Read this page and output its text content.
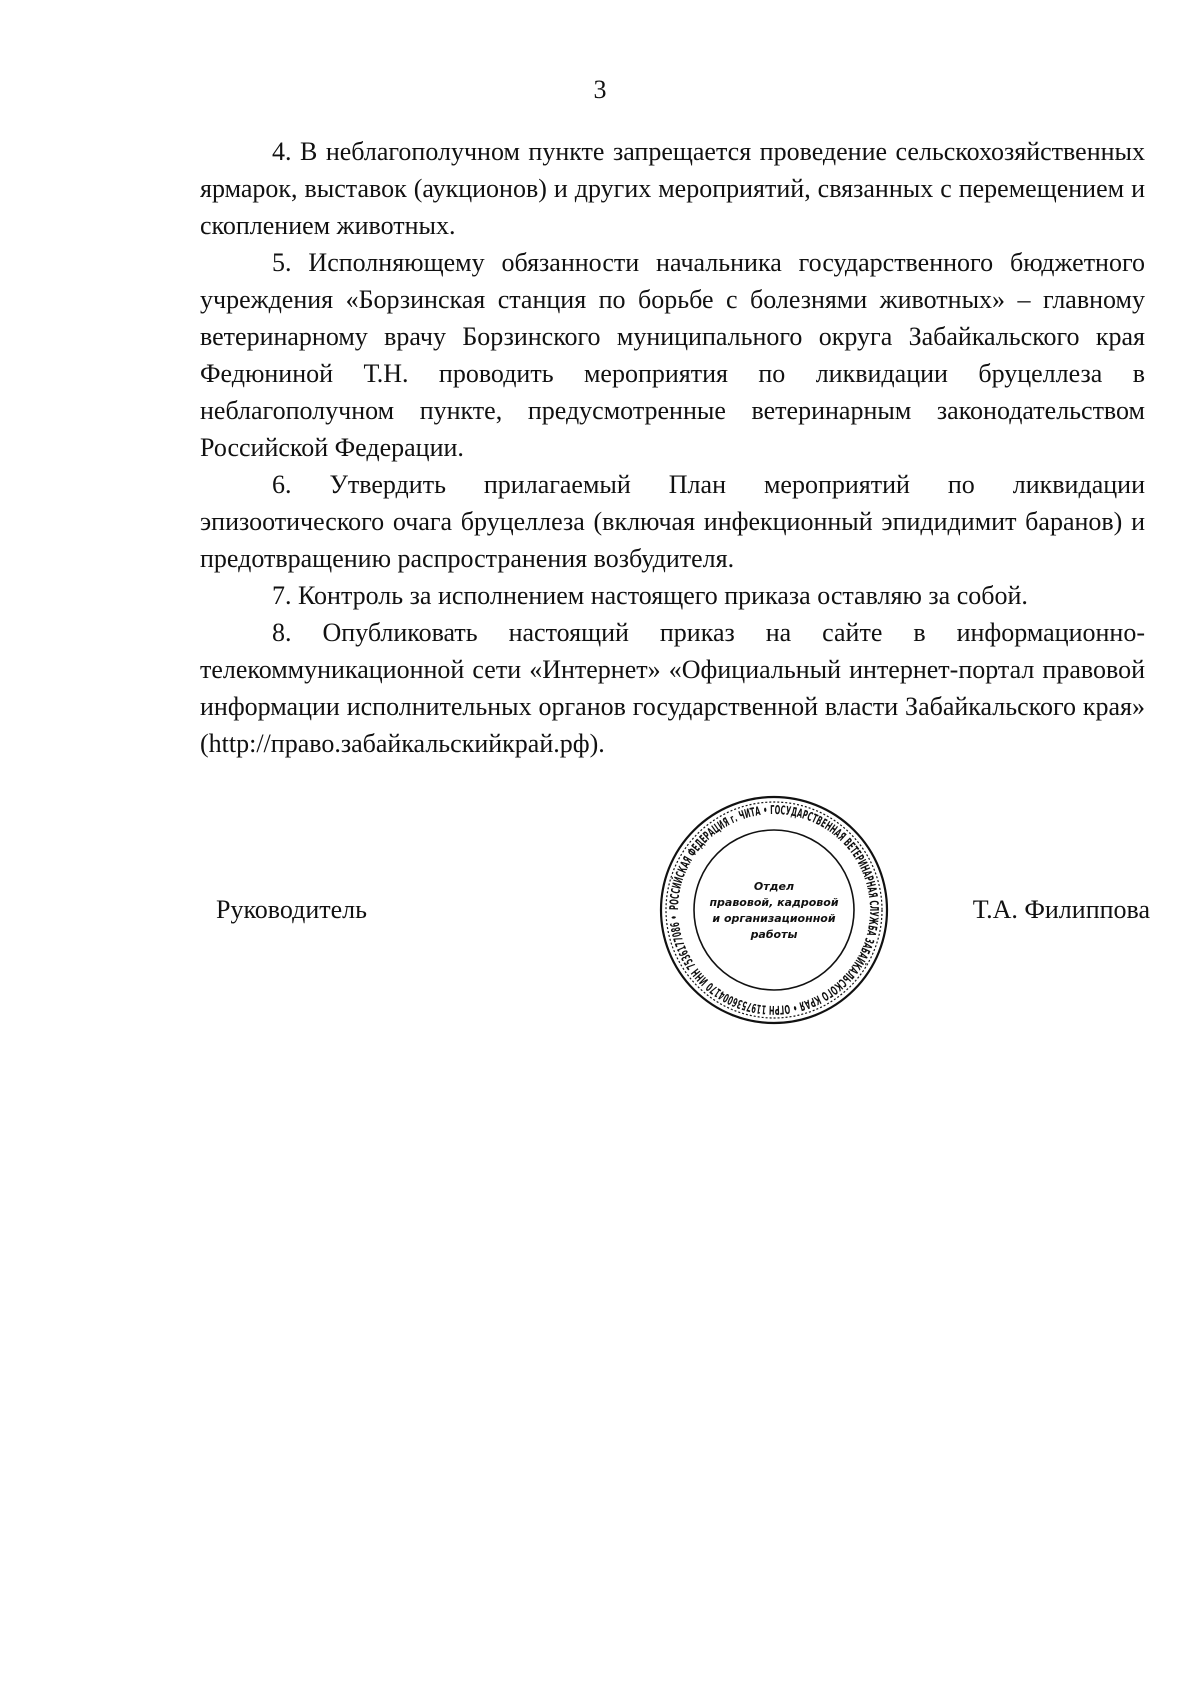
3

4. В неблагополучном пункте запрещается проведение сельскохозяйственных ярмарок, выставок (аукционов) и других мероприятий, связанных с перемещением и скоплением животных.

5. Исполняющему обязанности начальника государственного бюджетного учреждения «Борзинская станция по борьбе с болезнями животных» – главному ветеринарному врачу Борзинского муниципального округа Забайкальского края Федюниной Т.Н. проводить мероприятия по ликвидации бруцеллеза в неблагополучном пункте, предусмотренные ветеринарным законодательством Российской Федерации.

6. Утвердить прилагаемый План мероприятий по ликвидации эпизоотического очага бруцеллеза (включая инфекционный эпидидимит баранов) и предотвращению распространения возбудителя.

7. Контроль за исполнением настоящего приказа оставляю за собой.

8. Опубликовать настоящий приказ на сайте в информационно-телекоммуникационной сети «Интернет» «Официальный интернет-портал правовой информации исполнительных органов государственной власти Забайкальского края» (http://право.забайкальскийкрай.рф).

Руководитель	РОССИЙСКАЯ ФЕДЕРАЦИЯ г. ЧИТА • ГОСУДАРСТВЕННАЯ ВЕТЕРИНАРНАЯ СЛУЖБА ЗАБАЙКАЛЬСКОГО КРАЯ • ОГРН 1197536004170 ИНН 7536177086 •
Отдел
правовой, кадровой
и организационной
работы
Т.А. Филиппова
